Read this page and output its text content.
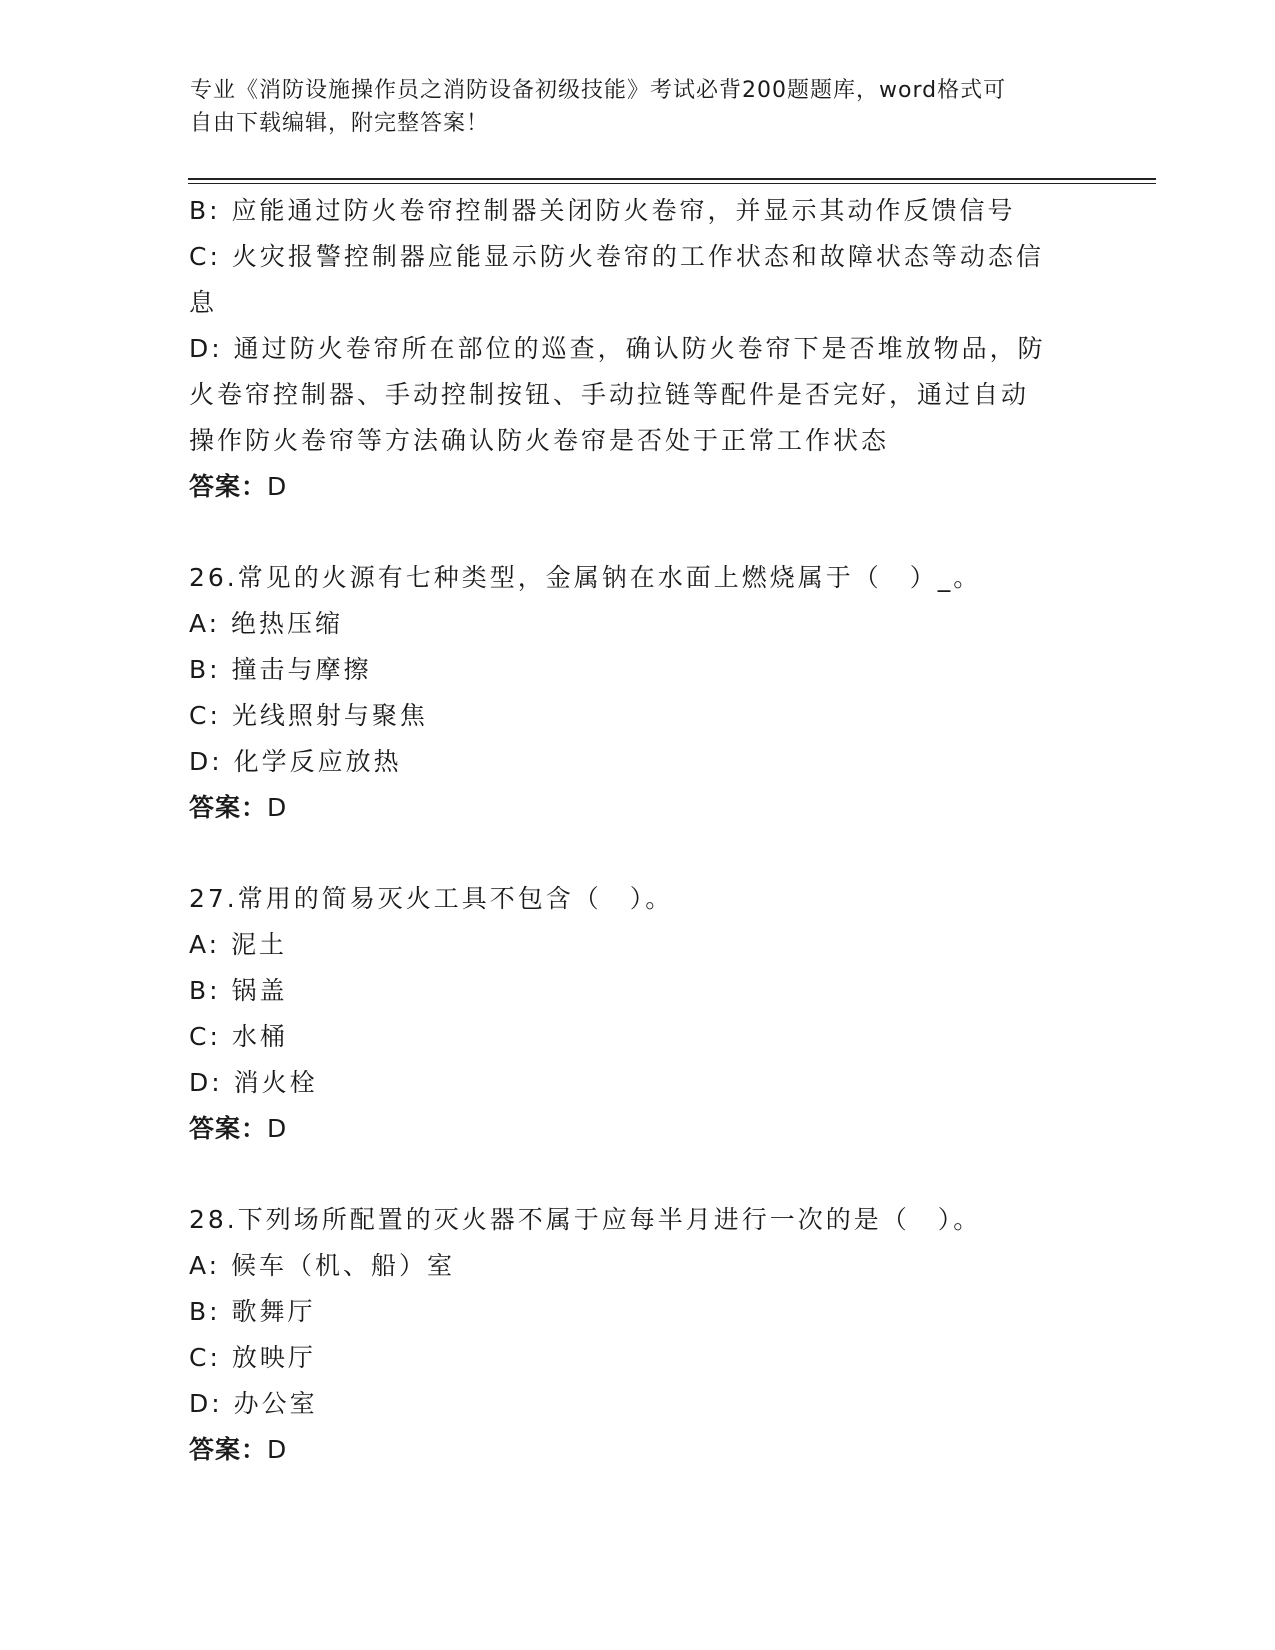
专业《消防设施操作员之消防设备初级技能》考试必背200题题库，word格式可
自由下载编辑，附完整答案！
B: 应能通过防火卷帘控制器关闭防火卷帘，并显示其动作反馈信号
C: 火灾报警控制器应能显示防火卷帘的工作状态和故障状态等动态信
息
D: 通过防火卷帘所在部位的巡查，确认防火卷帘下是否堆放物品，防
火卷帘控制器、手动控制按钮、手动拉链等配件是否完好，通过自动
操作防火卷帘等方法确认防火卷帘是否处于正常工作状态
答案：D
26.常见的火源有七种类型，金属钠在水面上燃烧属于（　）_。
A: 绝热压缩
B: 撞击与摩擦
C: 光线照射与聚焦
D: 化学反应放热
答案：D
27.常用的简易灭火工具不包含（　）。
A: 泥土
B: 锅盖
C: 水桶
D: 消火栓
答案：D
28.下列场所配置的灭火器不属于应每半月进行一次的是（　）。
A: 候车（机、船）室
B: 歌舞厅
C: 放映厅
D: 办公室
答案：D
